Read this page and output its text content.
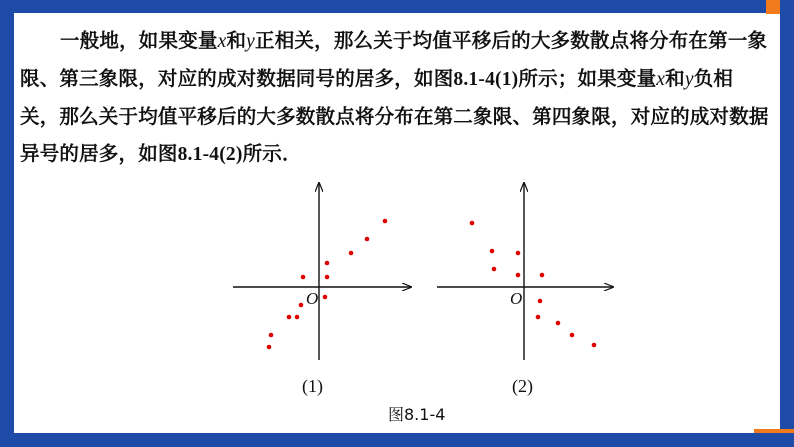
一般地，如果变量x和y正相关，那么关于均值平移后的大多数散点将分布在第一象限、第三象限，对应的成对数据同号的居多，如图8.1-4(1)所示；如果变量x和y负相关，那么关于均值平移后的大多数散点将分布在第二象限、第四象限，对应的成对数据异号的居多，如图8.1-4(2)所示．
O	O
(1)	(2)
图8.1-4
